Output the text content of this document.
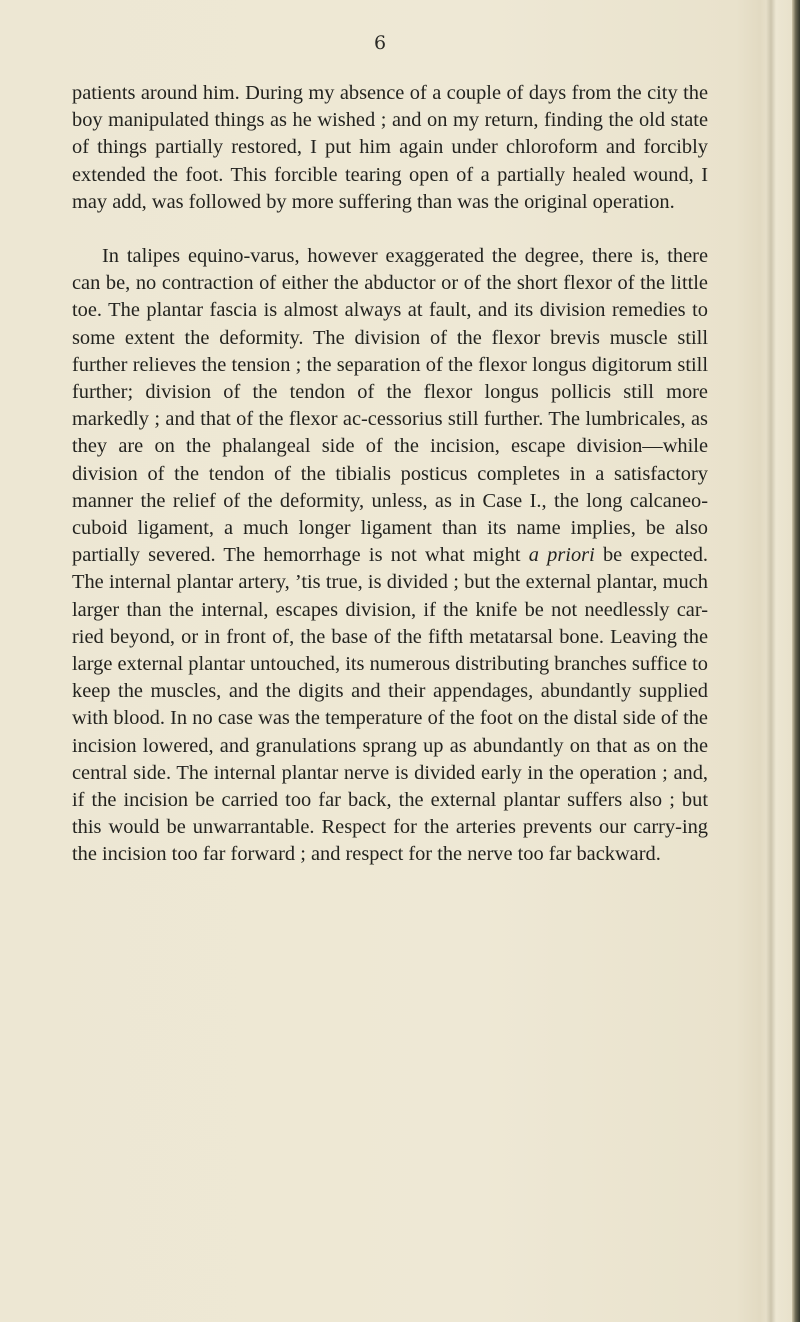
6

patients around him. During my absence of a couple of days from the city the boy manipulated things as he wished ; and on my return, finding the old state of things partially restored, I put him again under chloroform and forcibly extended the foot. This forcible tearing open of a partially healed wound, I may add, was followed by more suffering than was the original operation.

In talipes equino-varus, however exaggerated the degree, there is, there can be, no contraction of either the abductor or of the short flexor of the little toe. The plantar fascia is almost always at fault, and its division remedies to some extent the deformity. The division of the flexor brevis muscle still further relieves the tension ; the separation of the flexor longus digitorum still further; division of the tendon of the flexor longus pollicis still more markedly ; and that of the flexor ac-cessorius still further. The lumbricales, as they are on the phalangeal side of the incision, escape division—while division of the tendon of the tibialis posticus completes in a satisfactory manner the relief of the deformity, unless, as in Case I., the long calcaneo-cuboid ligament, a much longer ligament than its name implies, be also partially severed. The hemorrhage is not what might a priori be expected. The internal plantar artery, ’tis true, is divided ; but the external plantar, much larger than the internal, escapes division, if the knife be not needlessly car-ried beyond, or in front of, the base of the fifth metatarsal bone. Leaving the large external plantar untouched, its numerous distributing branches suffice to keep the muscles, and the digits and their appendages, abundantly supplied with blood. In no case was the temperature of the foot on the distal side of the incision lowered, and granulations sprang up as abundantly on that as on the central side. The internal plantar nerve is divided early in the operation ; and, if the incision be carried too far back, the external plantar suffers also ; but this would be unwarrantable. Respect for the arteries prevents our carry-ing the incision too far forward ; and respect for the nerve too far backward.
